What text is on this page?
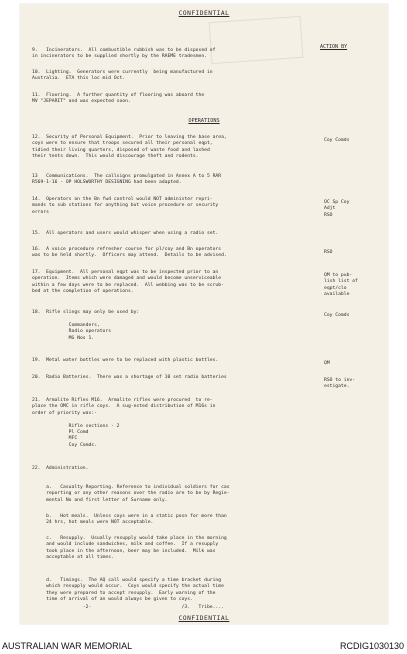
CONFIDENTIAL
ACTION BY
9.   Incinerators.  All combustible rubbish was to be disposed of
in incinerators to be supplied shortly by the RAEME tradesmen.
10.  Lighting.  Generators were currently  being manufactured in
Australia.  ETA this loc mid Oct.
11.  Flooring.  A further quantity of flooring was aboard the
MV "JEPARIT" and was expected soon.
OPERATIONS
12.  Security of Personal Equipment.  Prior to leaving the base area,
coys were to ensure that troops secured all their personal eqpt,
tidied their living quarters, disposed of waste food and lashed
their tents down.  This would discourage theft and rodents.
13   Communications.  The callsigns promulgated in Annex A to 5 RAR
R569-1-16 - OP HOLSWORTHY DESIGNING had been adapted.
14.  Operators on the Bn fwd control would NOT administer repri-
mands to sub stations for anything but voice procedure or security
errors
15.  All operators and users would whisper when using a radio set.
16.  A voice procedure refresher course for pl/coy and Bn operators
was to be held shortly.  Officers may attend.  Details to be advised.
17.  Equipment.  All personal eqpt was to be inspected prior to an
operation.  Items which were damaged and would become unserviceable
within a few days were to be replaced.  All webbing was to be scrub-
bed at the completion of operations.
18.  Rifle slings may only be used by:

Commanders,
Radio operators
MG Nos 1.
19.  Metal water bottles were to be replaced with plastic bottles.
20.  Radio Batteries.  There was a shortage of 10 set radio batteries
21.  Armalite Rifles M16.  Armalite rifles were procured  to re-
place the OMC in rifle coys.  A sug-ested distribution of M16s in
order of priority was:-

Rifle sections - 2
Pl Comd
MFC
Coy Comds.
22.  Administration.
a.   Casualty Reporting. Reference to individual soldiers for cas
reporting or any other reasons over the radio are to be by Regie-
mental No and first letter of Surname only.
b.   Hot meals.  Unless coys were in a static posn for more than
24 hrs, hot meals were NOT acceptable.
c.   Resupply.  Usually resupply would take place in the morning
and would include sandwiches, milk and coffee.  If a resupply
took place in the afternoon, beer may be included.  Milk was
acceptable at all times.
d.   Timings.  The AQ call would specify a time bracket during
which resupply would occur.  Coys would specify the actual time
they were prepared to accept resupply.  Early warning of the
time of arrival of an would always be given to coys.
-2-                                /3.   Tribe....
Coy Comds
OC Sp Coy
Adjt
RSO
RSO
QM to pub-
lish list of
eqpt/clo
available
Coy Comds
QM
RSO to inv-
estigate.
CONFIDENTIAL
AUSTRALIAN WAR MEMORIAL	RCDIG1030130
